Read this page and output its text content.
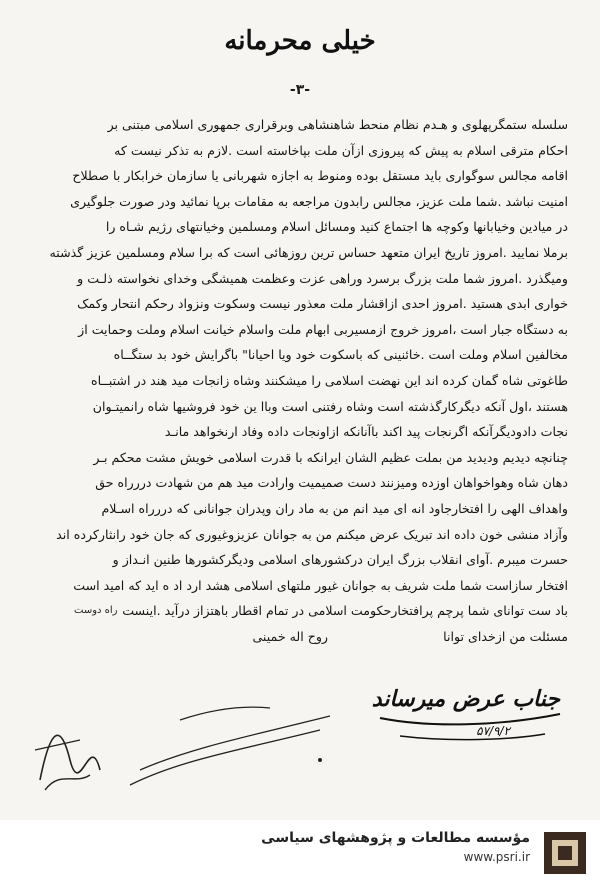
خیلی محرمانه
-۳-
سلسله ستمگرپهلوی و هـدم نظام منحط شاهنشاهی وبرقراری جمهوری اسلامی مبتنی بر
احکام مترقی اسلام به پیش که پیروزی ازآن ملت بپاخاسته است .لازم به تذکر نیست که
اقامه مجالس سوگواری باید مستقل بوده ومنوط به اجازه شهربانی یا سازمان خرابکار با صطلاح
امنیت نباشد .شما ملت عزیز، مجالس رابدون مراجعه به مقامات برپا نمائید ودر صورت جلوگیری
در میادین وخیابانها وکوچه ها اجتماع کنید ومسائل اسلام ومسلمین وخیانتهای رژیم شـاه را
برملا نمایید .امروز تاریخ ایران متعهد حساس ترین روزهائی است که برا سلام ومسلمین عزیز گذشته
ومیگذرد .امروز شما ملت بزرگ برسرد وراهی عزت وعظمت همیشگی وخدای نخواسته ذلـت و
خواری ابدی هستید .امروز احدی ازاقشار ملت معذور نیست وسکوت ونزواد رحکم انتحار وکمک
به دستگاه جبار است ،امروز خروج ازمسیربی ابهام ملت واسلام خیانت اسلام وملت وحمایت از
مخالفین اسلام وملت است .خائنینی که باسکوت خود ویا احیانا" باگرایش خود بد ستگــاه
طاغوتی شاه گمان کرده اند این نهضت اسلامی را میشکنند وشاه زانجات مید هند در اشتبــاه
هستند ،اول آنکه دیگرکارگذشته است وشاه رفتنی است وباا ین خود فروشیها شاه رانمیتـوان
نجات دادودیگرآنکه اگرنجات پید اکند باآنانکه ازاونجات داده وفاد ارنخواهد مانـد
چنانچه دیدیم ودیدید من بملت عظیم الشان ایرانکه با قدرت اسلامی خویش مشت محکم بـر
دهان شاه وهواخواهان اوزده ومیزنند دست صمیمیت وارادت مید هم من شهادت دررراه حق
واهداف الهی را افتخارجاود انه ای مید انم من به ماد ران وپدران جوانانی که دررراه اسـلام
وآزاد منشی خون داده اند تبریک عرض میکنم من به جوانان عزیزوغیوری که جان خود رانثارکرده اند
حسرت میبرم .آوای انقلاب بزرگ ایران درکشورهای اسلامی ودیگرکشورها طنین انـداز و
افتخار سازاست شما ملت شریف به جوانان غیور ملتهای اسلامی هشد ارد اد ه اید که امید است
باد ست توانای شما پرچم پرافتخارحکومت اسلامی در تمام اقطار باهتزاز درآید .اینست
مسئلت من ازخدای توانا
راه دوست
روح اله خمینی
جناب عرض میرساند
۵۷/۹/۲
مؤسسه مطالعات و پژوهشهای سیاسی
www.psri.ir
